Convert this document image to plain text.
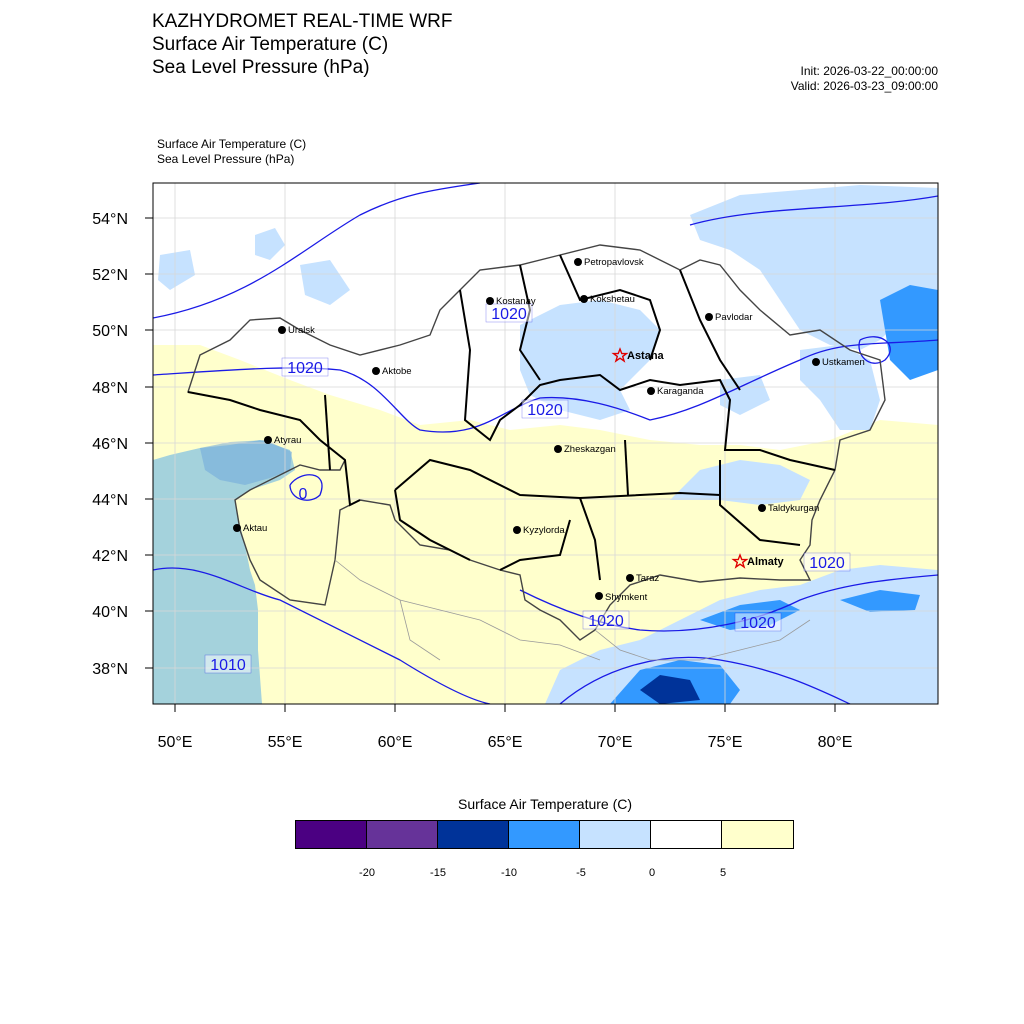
KAZHYDROMET REAL-TIME WRF
Surface Air Temperature (C)
Sea Level Pressure (hPa)	Init: 2026-03-22_00:00:00
Valid: 2026-03-23_09:00:00
Surface Air Temperature (C)
Sea Level Pressure (hPa)
54°N
52°N
50°N
48°N
46°N
44°N
42°N
40°N
38°N
50°E	55°E	60°E	65°E	70°E	75°E	80°E
1020
1020
1020
0
1020
1020	1020
1010
Petropavlovsk
Kostanay	Kokshetau
Pavlodar
Uralsk
Astana
Aktobe
Ustkamen
Karaganda
Atyrau
Zheskazgan
Aktau	Kyzylorda
Taldykurgan
Almaty
Taraz
Shymkent
Surface Air Temperature (C)
-20	-15	-10	-5	0	5
